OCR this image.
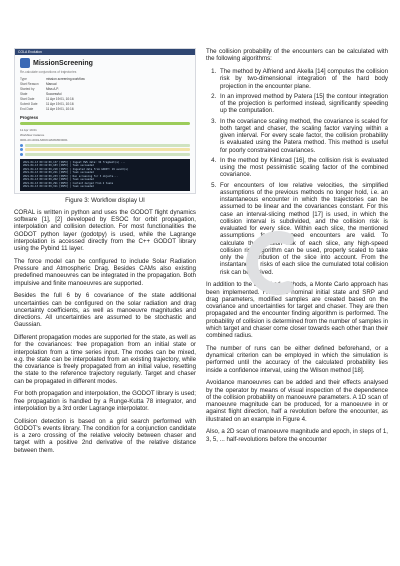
COLA Evolution
MissionScreening
Re-calculate conjunctions of trajectories
Type	mission.screening.workflow
Start Reason	Manual
Started by	Miss A.P.
State	Successful
Start Date	11 Apr 19:01, 10:16
Submit Date	11 Apr 19:01, 10:16
End Date	11 Apr 19:01, 10:16
Progress
11 Apr 19:01
Workflow instance
0001-0C-0001-MFRCHMXMD/0001
2021-04-13 09:41:09,137 [INFO] | Ingest EWS data: 34 fragment(s) ...
2021-04-13 09:41:09,183 [INFO] | Task succeeded
2021-04-13 09:41:09,210 [INFO] | Ingested data from GODOT: 19 event(s)
2021-04-13 09:41:09,221 [INFO] | Task succeeded
2021-04-13 09:41:09,233 [INFO] | Run screening for 3 objects...
2021-04-13 09:41:09,262 [INFO] | Task succeeded
2021-04-13 09:41:09,291 [INFO] | Context merged from 2 tasks
2021-04-13 09:41:09,311 [INFO] | Task succeeded
Figure 3: Workflow display UI

CORAL is written in python and uses the GODOT flight dynamics software [1], [2] developed by ESOC for orbit propagation, interpolation and collision detection. For most functionalities the GODOT python layer (godotpy) is used, while the Lagrange interpolation is accessed directly from the C++ GODOT library using the Pybind 11 layer.

The force model can be configured to include Solar Radiation Pressure and Atmospheric Drag. Besides CAMs also existing predefined manoeuvres can be integrated in the propagation. Both impulsive and finite manoeuvres are supported.

Besides the full 6 by 6 covariance of the state additional uncertainties can be configured on the solar radiation and drag uncertainty coefficients, as well as manoeuvre magnitudes and directions. All uncertainties are assumed to be stochastic and Gaussian.

Different propagation modes are supported for the state, as well as for the covariances: free propagation from an initial state or interpolation from a time series input. The modes can be mixed, e.g. the state can be interpolated from an existing trajectory, while the covariance is freely propagated from an initial value, resetting the state to the reference trajectory regularly. Target and chaser can be propagated in different modes.

For both propagation and interpolation, the GODOT library is used; free propagation is handled by a Runge-Kutta 78 integrator, and interpolation by a 3rd order Lagrange interpolator.

Collision detection is based on a grid search performed with GODOT's events library. The condition for a conjunction candidate is a zero crossing of the relative velocity between chaser and target with a positive 2nd derivative of the relative distance between them.

The collision probability of the encounters can be calculated with the following algorithms:

1. The method by Alfriend and Akella [14] computes the collision risk by two-dimensional integration of the hard body projection in the encounter plane.
2. In an improved method by Patera [15] the contour integration of the projection is performed instead, significantly speeding up the computation.
3. In the covariance scaling method, the covariance is scaled for both target and chaser, the scaling factor varying within a given interval. For every scale factor, the collision probability is evaluated using the Patera method. This method is useful for poorly constrained covariances.
4. In the method by Klinkrad [16], the collision risk is evaluated using the most pessimistic scaling factor of the combined covariance.
5. For encounters of low relative velocities, the simplified assumptions of the previous methods no longer hold, i.e. an instantaneous encounter in which the trajectories can be assumed to be linear and the covariances constant. For this case an interval-slicing method [17] is used, in which the collision interval is subdivided, and the collision risk is evaluated for every slice. Within each slice, the mentioned assumptions for high-speed encounters are valid. To calculate the collision risk of each slice, any high-speed collision risk algorithm can be used, properly scaled to take only the contribution of the slice into account. From the instantaneous risks of each slice the cumulated total collision risk can be derived.

In addition to the described methods, a Monte Carlo approach has been implemented. From the nominal initial state and SRP and drag parameters, modified samples are created based on the covariance and uncertainties for target and chaser. They are then propagated and the encounter finding algorithm is performed. The probability of collision is determined from the number of samples in which target and chaser come closer towards each other than their combined radius.

The number of runs can be either defined beforehand, or a dynamical criterion can be employed in which the simulation is performed until the accuracy of the calculated probability lies inside a confidence interval, using the Wilson method [18].

Avoidance manoeuvres can be added and their effects analysed by the operator by means of visual inspection of the dependence of the collision probability on manoeuvre parameters. A 1D scan of manoeuvre magnitude can be produced, for a manoeuvre in or against flight direction, half a revolution before the encounter, as illustrated on an example in Figure 4.

Also, a 2D scan of manoeuvre magnitude and epoch, in steps of 1, 3, 5, ... half-revolutions before the encounter
